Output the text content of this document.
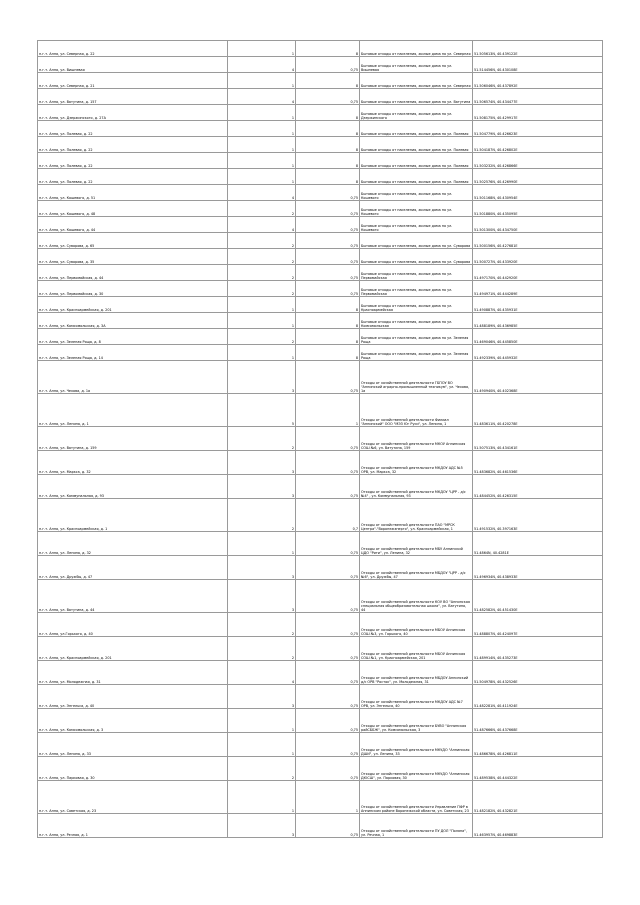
п.г.т. Анна, ул. Северная, д. 22	1	8	Бытовые отходы от населения, жилые дома по ул. Северная	51.505613N, 40.439122E
п.г.т. Анна, ул. Вишневая	4	0,75	Бытовые отходы от населения, жилые дома по ул. Вишневая	51.514456N, 40.430108E
п.г.т. Анна, ул. Северная, д. 21	1	8	Бытовые отходы от населения, жилые дома по ул. Северная	51.506046N, 40.437892E
п.г.т. Анна, ул. Ватутина, д. 157	4	0,75	Бытовые отходы от населения, жилые дома по ул. Ватутина	51.506574N, 40.434477E
п.г.т. Анна, ул. Дзержинского, д. 27А	1	8	Бытовые отходы от населения, жилые дома по ул. Дзержинского	51.508175N, 40.429917E
п.г.т. Анна, ул. Полевая, д. 22	1	8	Бытовые отходы от населения, жилые дома по ул. Полевая	51.504779N, 40.426623E
п.г.т. Анна, ул. Полевая, д. 22	1	8	Бытовые отходы от населения, жилые дома по ул. Полевая	51.504187N, 40.426802E
п.г.т. Анна, ул. Полевая, д. 22	1	8	Бытовые отходы от населения, жилые дома по ул. Полевая	51.503232N, 40.426866E
п.г.т. Анна, ул. Полевая, д. 22	1	8	Бытовые отходы от населения, жилые дома по ул. Полевая	51.502576N, 40.426990E
п.г.т. Анна, ул. Кошевого, д. 51	4	0,75	Бытовые отходы от населения, жилые дома по ул. Кошевого	51.501168N, 40.430954E
п.г.т. Анна, ул. Кошевого, д. 48	2	0,75	Бытовые отходы от населения, жилые дома по ул. Кошевого	51.501880N, 40.435095E
п.г.т. Анна, ул. Кошевого, д. 44	4	0,75	Бытовые отходы от населения, жилые дома по ул. Кошевого	51.501300N, 40.434750E
п.г.т. Анна, ул. Суворова, д. 65	2	0,75	Бытовые отходы от населения, жилые дома по ул. Суворова	51.500156N, 40.427681E
п.г.т. Анна, ул. Суворова, д. 35	2	0,75	Бытовые отходы от населения, жилые дома по ул. Суворова	51.500727N, 40.433920E
п.г.т. Анна, ул. Первомайская, д. 44	2	0,75	Бытовые отходы от населения, жилые дома по ул. Первомайская	51.497170N, 40.442920E
п.г.т. Анна, ул. Первомайская, д. 30	2	0,75	Бытовые отходы от населения, жилые дома по ул. Первомайская	51.494971N, 40.444289E
п.г.т. Анна, ул. Красноармейская, д. 201	1	8	Бытовые отходы от населения, жилые дома по ул. Красноармейская	51.490887N, 40.435931E
п.г.т. Анна, ул. Комсомольская, д. 3А	1	8	Бытовые отходы от населения, жилые дома по ул. Комсомольская	51.488189N, 40.436985E
п.г.т. Анна, ул. Зеленая Роща, д. 8	2	8	Бытовые отходы от населения, жилые дома по ул. Зеленая Роща	51.469046N, 40.445850E
п.г.т. Анна, ул. Зеленая Роща, д. 14	1	8	Бытовые отходы от населения, жилые дома по ул. Зеленая Роща	51.492339N, 40.445932E
п.г.т. Анна, ул. Чехова, д. 1а	3	0,75	Отходы от хозяйственной деятельности ГБПОУ ВО "Аннинский аграрно-промышленный техникум", ул. Чехова, 1а	51.490940N, 40.402368E
п.г.т. Анна, ул. Ленина, д. 1	5	1	Отходы от хозяйственной деятельности Филиал "Аннинский" ООО "МЭЗ Юг Руси", ул. Ленина, 1	51.483611N, 40.420278E
п.г.т. Анна, ул. Ватутина, д. 159	2	0,75	Отходы от хозяйственной деятельности МКОУ Аннинская СОШ №6, ул. Ватутина, 159	51.507513N, 40.434161E
п.г.т. Анна, ул. Маркса, д. 32	3	0,75	Отходы от хозяйственной деятельности МКДОУ АДС №5 ОРВ, ул. Маркса, 32	51.483682N, 40.461536E
п.г.т. Анна, ул. Коммунальная, д. 93	3	0,75	Отходы от хозяйственной деятельности МКДОУ "ЦРР - д/с №4" , ул. Коммунальная, 93	51.484452N, 40.426315E
п.г.т. Анна, ул. Красноармейская, д. 1	2	0,7	Отходы от хозяйственной деятельности ПАО "МРСК Центра"-"Воронежэнерго", ул. Красноармейская, 1	51.491532N, 40.397163E
п.г.т. Анна, ул. Ленина, д. 32	1	0,75	Отходы от хозяйственной деятельности МБУ Аннинский ЦДО "Рити", ул. Ленина, 32	51.4864N, 40.4281E
п.г.т. Анна, ул. Дружбы, д. 47	3	0,75	Отходы от хозяйственной деятельности МБДОУ "ЦРР - д/с №6", ул. Дружбы, 47	51.496934N, 40.438933E
п.г.т. Анна, ул. Ватутина, д. 44	3	0,75	Отходы от хозяйственной деятельности КОУ ВО "Аннинская специальная общеобразовательная школа", ул. Ватутина, 44	51.482582N, 40.451430E
п.г.т. Анна, ул.Горького, д. 40	2	0,75	Отходы от хозяйственной деятельности МБОУ Аннинская СОШ №3, ул. Горького, 40	51.488807N, 40.424097E
п.г.т. Анна, ул. Красноармейская, д. 201	2	0,75	Отходы от хозяйственной деятельности МБОУ Аннинская СОШ №1, ул. Красноармейская, 201	51.489914N, 40.435273E
п.г.т. Анна, ул. Молодежная, д. 31	4	0,75	Отходы от хозяйственной деятельности МБДОУ Аннинский д/с ОРВ "Росток", ул. Молодежная, 31	51.504978N, 40.432526E
п.г.т. Анна, ул. Энгельса, д. 40	3	0,75	Отходы от хозяйственной деятельности МКДОУ АДС №7 ОРВ, ул. Энгельса, 40	51.482281N, 40.411924E
п.г.т. Анна, ул. Комсомольская, д. 3	1	0,75	Отходы от хозяйственной деятельности БУВО "Аннинская райСББЖ", ул. Комсомольская, 3	51.487666N, 40.437668E
п.г.т. Анна, ул. Ленина, д. 33	1	0,75	Отходы от хозяйственной деятельности МКУДО "Аннинская ДШИ", ул. Ленина, 33	51.486678N, 40.426811E
п.г.т. Анна, ул. Парковая, д. 30	2	0,75	Отходы от хозяйственной деятельности МКУДО "Аннинская ДЮСШ", ул. Парковая, 30	51.489538N, 40.444322E
п.г.т. Анна, ул. Советская, д. 23	1	1	Отходы от хозяйственной деятельности Управление ПФР в Аннинском районе Воронежской области, ул. Советская, 23	51.482182N, 40.432821E
п.г.т. Анна, ул. Речная, д. 1	3	0,75	Отходы от хозяйственной деятельности ПУ ДОЛ "Поляна", ул. Речная, 1	51.463957N, 40.469883E
